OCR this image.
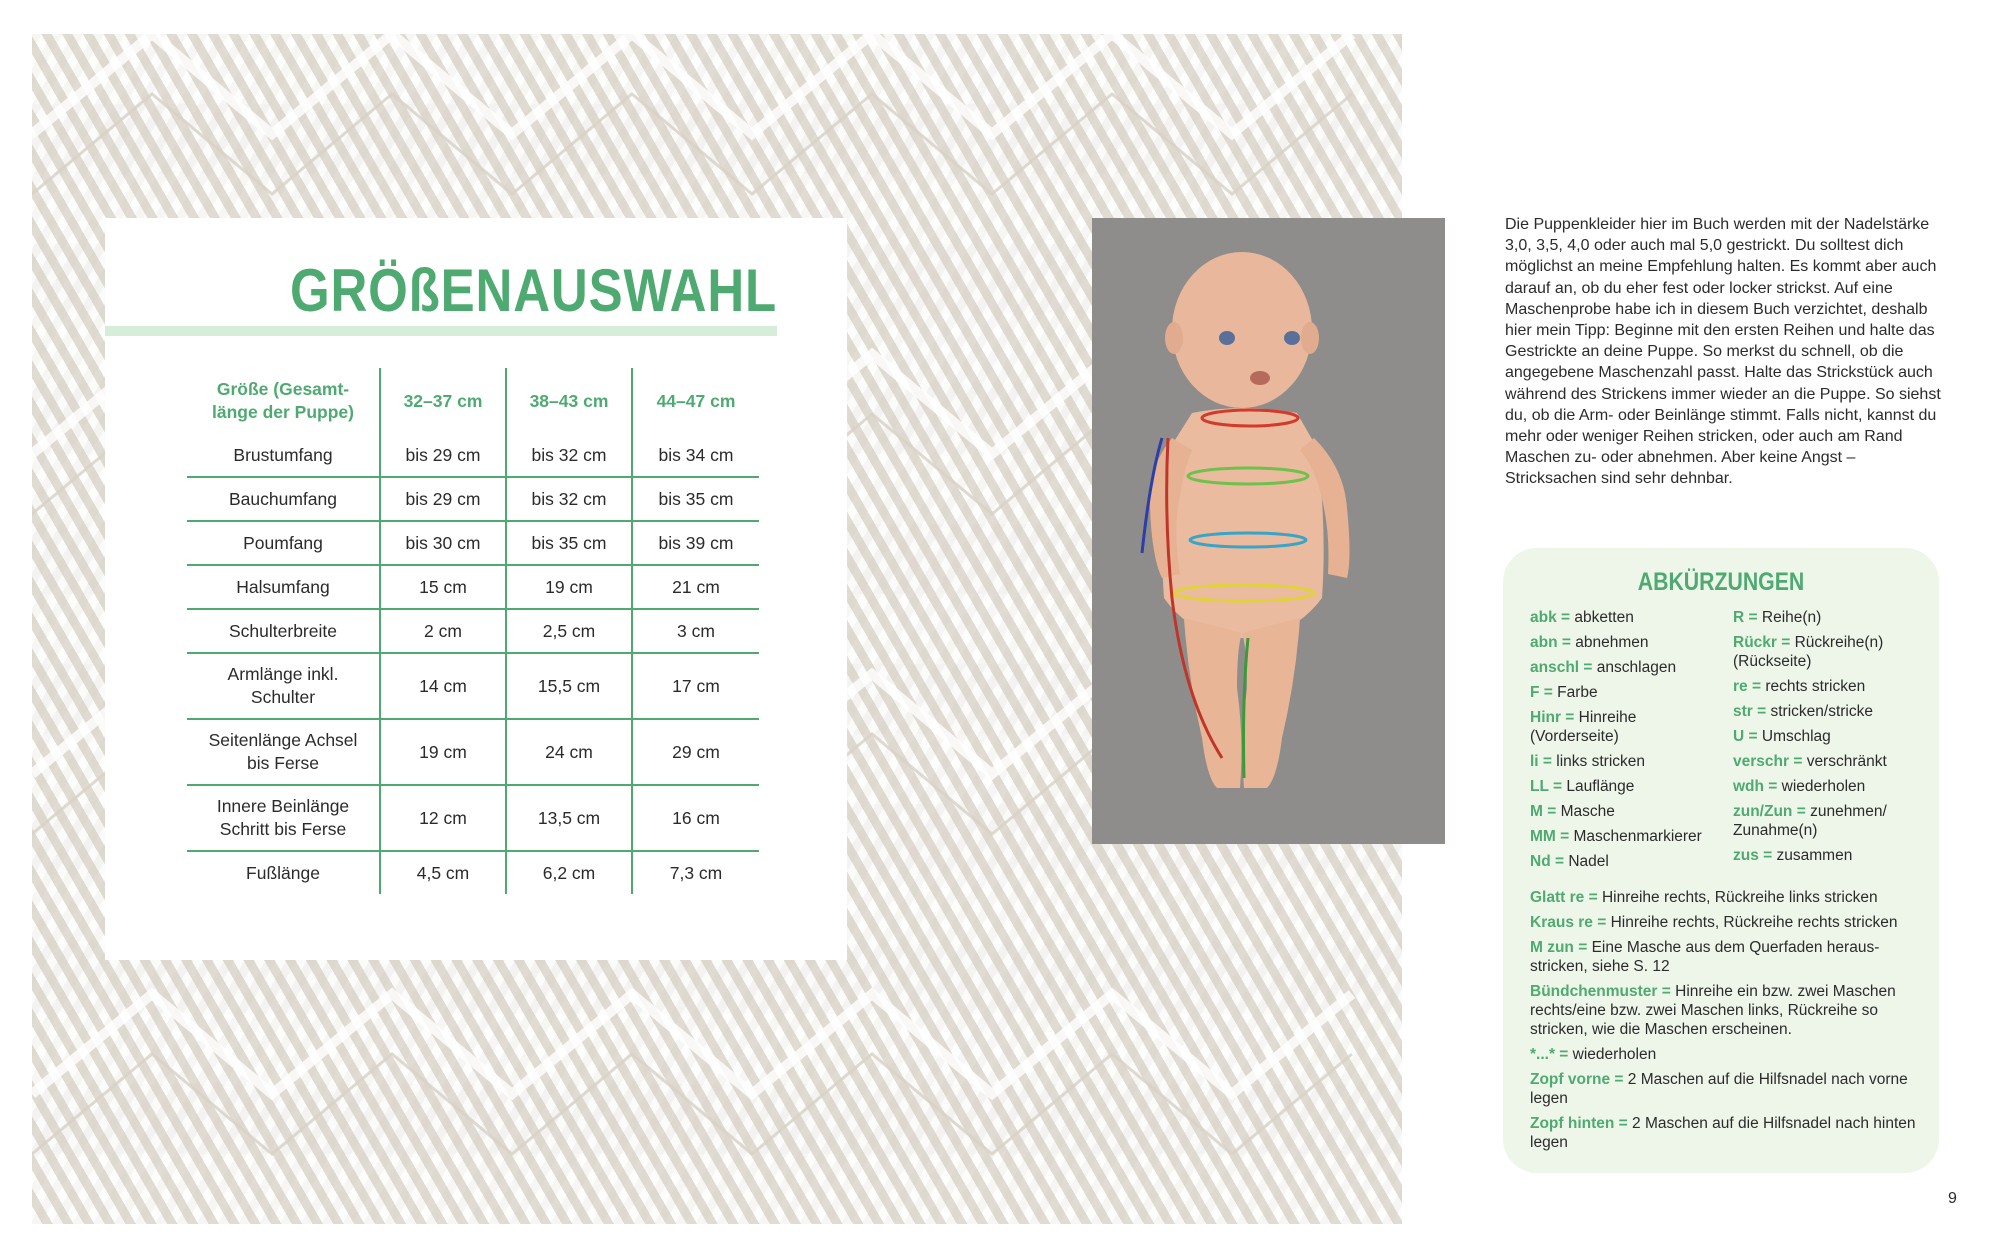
GRÖßENAUSWAHL
Größe (Gesamt-
länge der Puppe)	32–37 cm	38–43 cm	44–47 cm
Brustumfang	bis 29 cm	bis 32 cm	bis 34 cm
Bauchumfang	bis 29 cm	bis 32 cm	bis 35 cm
Poumfang	bis 30 cm	bis 35 cm	bis 39 cm
Halsumfang	15 cm	19 cm	21 cm
Schulterbreite	2 cm	2,5 cm	3 cm
Armlänge inkl.
Schulter	14 cm	15,5 cm	17 cm
Seitenlänge Achsel
bis Ferse	19 cm	24 cm	29 cm
Innere Beinlänge
Schritt bis Ferse	12 cm	13,5 cm	16 cm
Fußlänge	4,5 cm	6,2 cm	7,3 cm
Die Puppenkleider hier im Buch werden mit der Nadelstärke 3,0, 3,5, 4,0 oder auch mal 5,0 gestrickt. Du solltest dich möglichst an meine Empfehlung halten. Es kommt aber auch darauf an, ob du eher fest oder locker strickst. Auf eine Maschenprobe habe ich in diesem Buch verzichtet, deshalb hier mein Tipp: Beginne mit den ersten Reihen und halte das Gestrickte an deine Puppe. So merkst du schnell, ob die angegebene Maschenzahl passt. Halte das Strickstück auch während des Strickens immer wieder an die Puppe. So siehst du, ob die Arm- oder Beinlänge stimmt. Falls nicht, kannst du mehr oder weniger Reihen stricken, oder auch am Rand Maschen zu- oder abnehmen. Aber keine Angst – Stricksachen sind sehr dehnbar.
ABKÜRZUNGEN
abk = abketten
abn = abnehmen
anschl = anschlagen
F = Farbe
Hinr = Hinreihe (Vorderseite)
li = links stricken
LL = Lauflänge
M = Masche
MM = Maschenmarkierer
Nd = Nadel
R = Reihe(n)
Rückr = Rückreihe(n) (Rückseite)
re = rechts stricken
str = stricken/stricke
U = Umschlag
verschr = verschränkt
wdh = wiederholen
zun/Zun = zunehmen/ Zunahme(n)
zus = zusammen
Glatt re = Hinreihe rechts, Rückreihe links stricken
Kraus re = Hinreihe rechts, Rückreihe rechts stricken
M zun = Eine Masche aus dem Querfaden heraus-stricken, siehe S. 12
Bündchenmuster = Hinreihe ein bzw. zwei Maschen rechts/eine bzw. zwei Maschen links, Rückreihe so stricken, wie die Maschen erscheinen.
*...* = wiederholen
Zopf vorne = 2 Maschen auf die Hilfsnadel nach vorne legen
Zopf hinten = 2 Maschen auf die Hilfsnadel nach hinten legen
9
